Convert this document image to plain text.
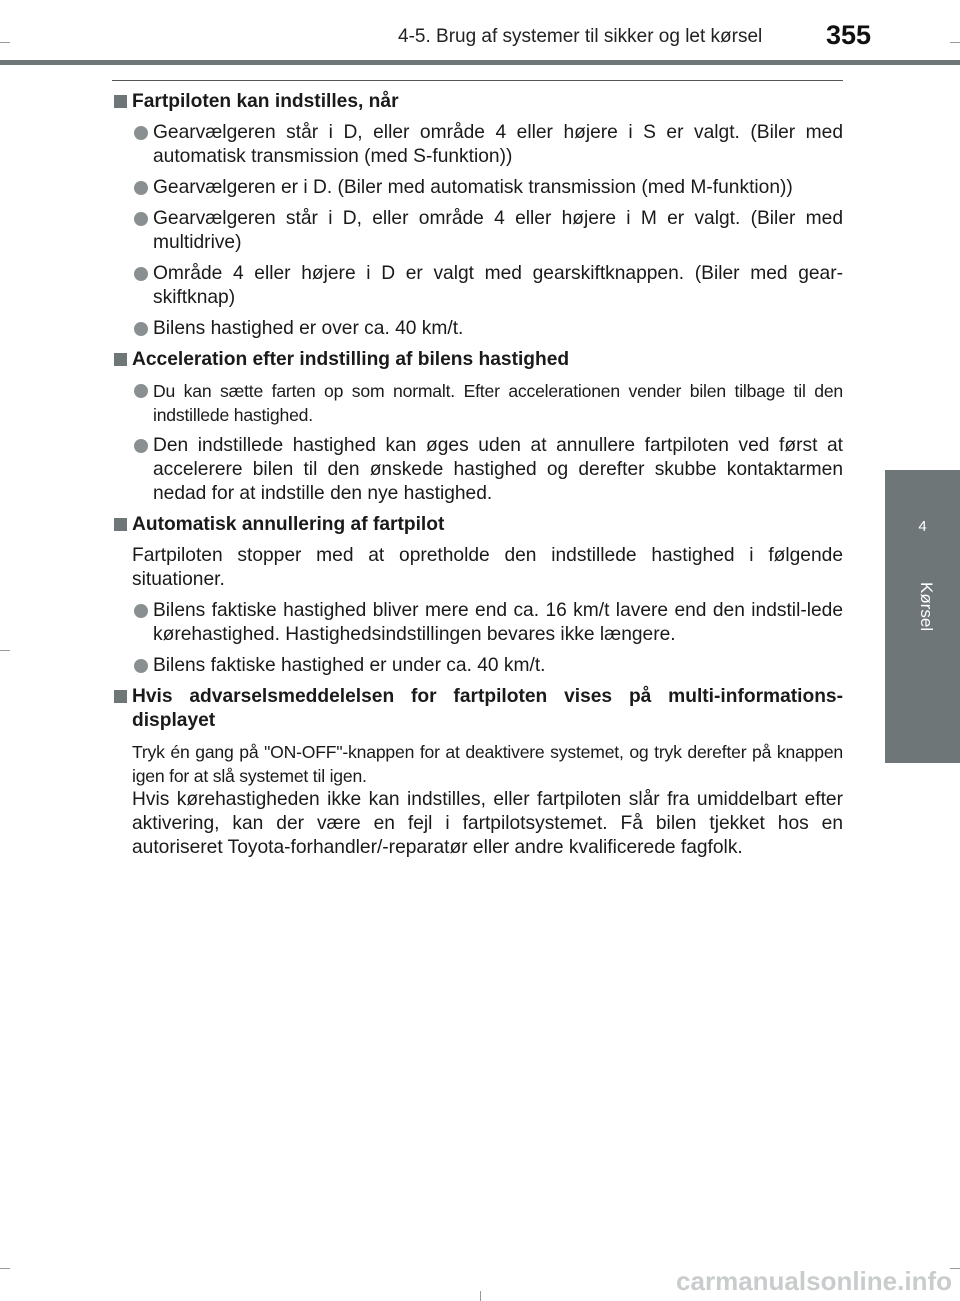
4-5. Brug af systemer til sikker og let kørsel	355
4
Kørsel
Fartpiloten kan indstilles, når
Gearvælgeren står i D, eller område 4 eller højere i S er valgt. (Biler med automatisk transmission (med S-funktion))
Gearvælgeren er i D. (Biler med automatisk transmission (med M-funktion))
Gearvælgeren står i D, eller område 4 eller højere i M er valgt. (Biler med multidrive)
Område 4 eller højere i D er valgt med gearskiftknappen. (Biler med gear-skiftknap)
Bilens hastighed er over ca. 40 km/t.
Acceleration efter indstilling af bilens hastighed
Du kan sætte farten op som normalt. Efter accelerationen vender bilen tilbage til den indstillede hastighed.
Den indstillede hastighed kan øges uden at annullere fartpiloten ved først at accelerere bilen til den ønskede hastighed og derefter skubbe kontaktarmen nedad for at indstille den nye hastighed.
Automatisk annullering af fartpilot
Fartpiloten stopper med at opretholde den indstillede hastighed i følgende situationer.
Bilens faktiske hastighed bliver mere end ca. 16 km/t lavere end den indstil-lede kørehastighed. Hastighedsindstillingen bevares ikke længere.
Bilens faktiske hastighed er under ca. 40 km/t.
Hvis advarselsmeddelelsen for fartpiloten vises på multi-informations-displayet
Tryk én gang på "ON-OFF"-knappen for at deaktivere systemet, og tryk derefter på knappen igen for at slå systemet til igen.
Hvis kørehastigheden ikke kan indstilles, eller fartpiloten slår fra umiddelbart efter aktivering, kan der være en fejl i fartpilotsystemet. Få bilen tjekket hos en autoriseret Toyota-forhandler/-reparatør eller andre kvalificerede fagfolk.
carmanualsonline.info
